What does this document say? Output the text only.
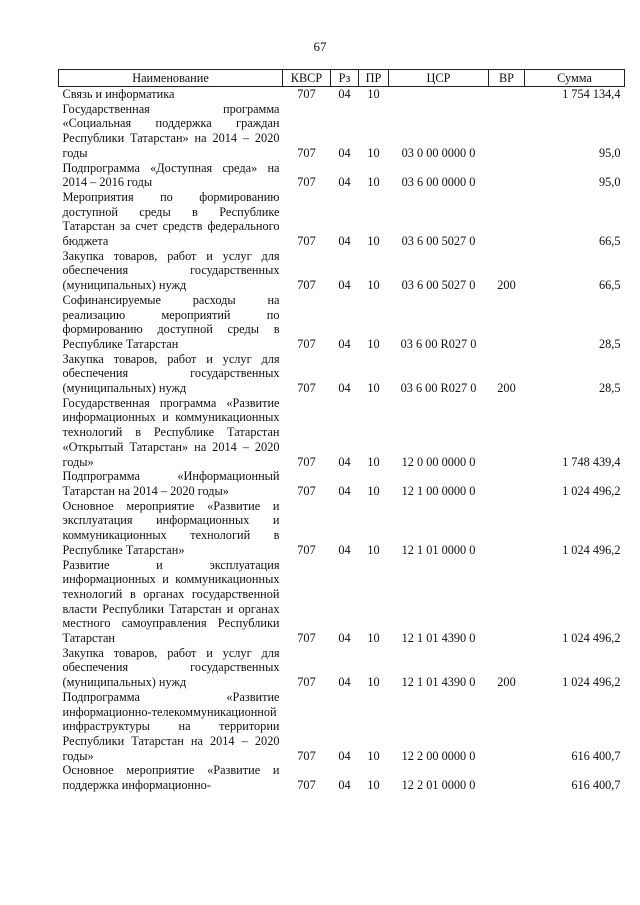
67
Наименование	КВСР	Рз	ПР	ЦСР	ВР	Сумма
Связь и информатика	707	04	10			1 754 134,4
Государственная программа «Социальная поддержка граждан Республики Татарстан» на 2014 – 2020 годы	707	04	10	03 0 00 0000 0		95,0
Подпрограмма «Доступная среда» на 2014 – 2016 годы	707	04	10	03 6 00 0000 0		95,0
Мероприятия по формированию доступной среды в Республике Татарстан за счет средств федерального бюджета	707	04	10	03 6 00 5027 0		66,5
Закупка товаров, работ и услуг для обеспечения государственных (муниципальных) нужд	707	04	10	03 6 00 5027 0	200	66,5
Софинансируемые расходы на реализацию мероприятий по формированию доступной среды в Республике Татарстан	707	04	10	03 6 00 R027 0		28,5
Закупка товаров, работ и услуг для обеспечения государственных (муниципальных) нужд	707	04	10	03 6 00 R027 0	200	28,5
Государственная программа «Развитие информационных и коммуникационных технологий в Республике Татарстан «Открытый Татарстан» на 2014 – 2020 годы»	707	04	10	12 0 00 0000 0		1 748 439,4
Подпрограмма «Информационный Татарстан на 2014 – 2020 годы»	707	04	10	12 1 00 0000 0		1 024 496,2
Основное мероприятие «Развитие и эксплуатация информационных и коммуникационных технологий в Республике Татарстан»	707	04	10	12 1 01 0000 0		1 024 496,2
Развитие и эксплуатация информационных и коммуникационных технологий в органах государственной власти Республики Татарстан и органах местного самоуправления Республики Татарстан	707	04	10	12 1 01 4390 0		1 024 496,2
Закупка товаров, работ и услуг для обеспечения государственных (муниципальных) нужд	707	04	10	12 1 01 4390 0	200	1 024 496,2
Подпрограмма «Развитие информационно-телекоммуникационной инфраструктуры на территории Республики Татарстан на 2014 – 2020 годы»	707	04	10	12 2 00 0000 0		616 400,7
Основное мероприятие «Развитие и поддержка информационно-	707	04	10	12 2 01 0000 0		616 400,7
